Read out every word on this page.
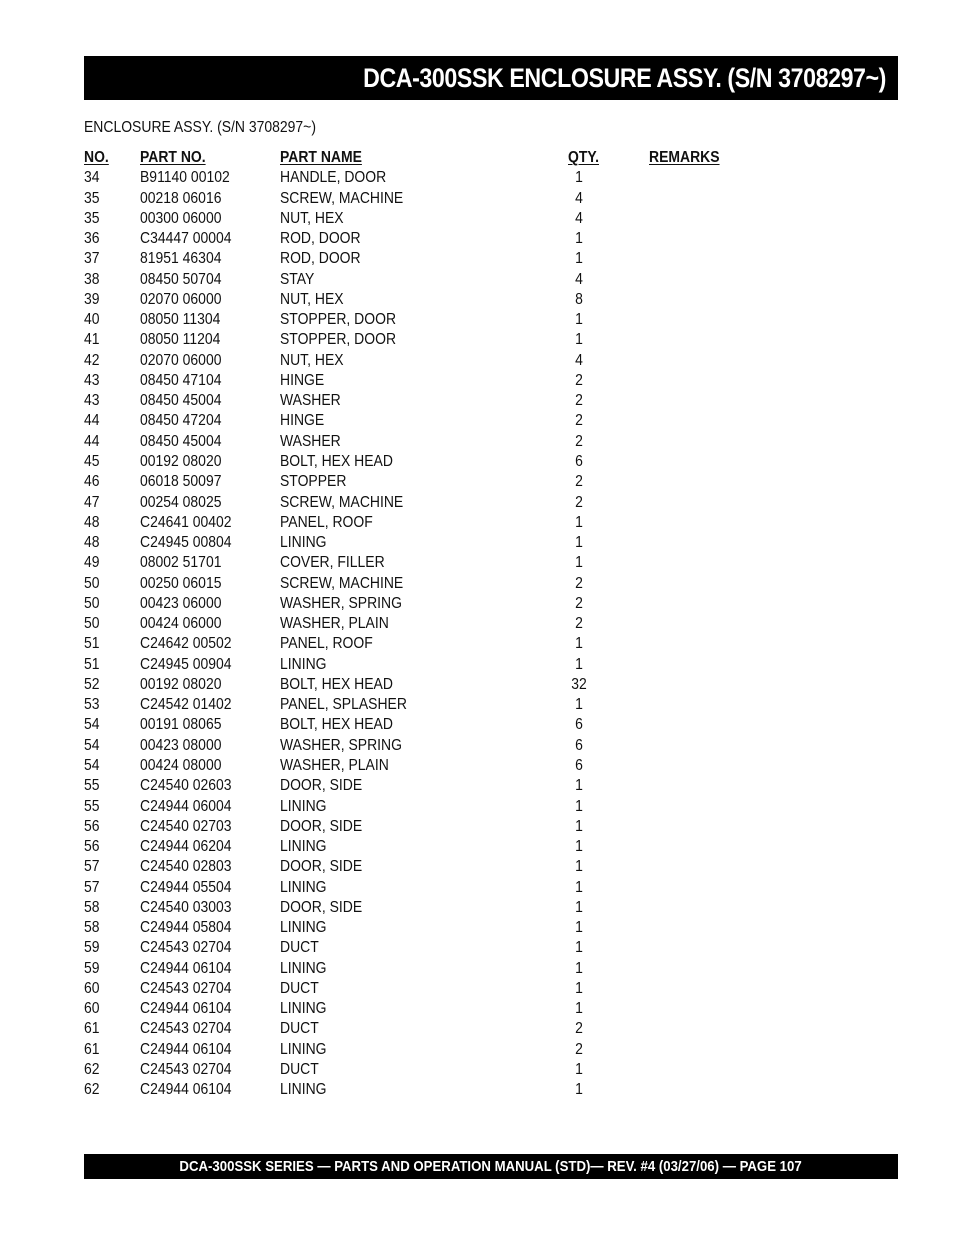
DCA-300SSK ENCLOSURE ASSY. (S/N 3708297~)
ENCLOSURE ASSY. (S/N 3708297~)
NO. PART NO.	PART NAME	QTY.	REMARKS
34	B91140 00102	HANDLE, DOOR	1
35	00218 06016	SCREW, MACHINE	4
35	00300 06000	NUT, HEX	4
36	C34447 00004	ROD, DOOR	1
37	81951 46304	ROD, DOOR	1
38	08450 50704	STAY	4
39	02070 06000	NUT, HEX	8
40	08050 11304	STOPPER, DOOR	1
41	08050 11204	STOPPER, DOOR	1
42	02070 06000	NUT, HEX	4
43	08450 47104	HINGE	2
43	08450 45004	WASHER	2
44	08450 47204	HINGE	2
44	08450 45004	WASHER	2
45	00192 08020	BOLT, HEX HEAD	6
46	06018 50097	STOPPER	2
47	00254 08025	SCREW, MACHINE	2
48	C24641 00402	PANEL, ROOF	1
48	C24945 00804	LINING	1
49	08002 51701	COVER, FILLER	1
50	00250 06015	SCREW, MACHINE	2
50	00423 06000	WASHER, SPRING	2
50	00424 06000	WASHER, PLAIN	2
51	C24642 00502	PANEL, ROOF	1
51	C24945 00904	LINING	1
52	00192 08020	BOLT, HEX HEAD	32
53	C24542 01402	PANEL, SPLASHER	1
54	00191 08065	BOLT, HEX HEAD	6
54	00423 08000	WASHER, SPRING	6
54	00424 08000	WASHER, PLAIN	6
55	C24540 02603	DOOR, SIDE	1
55	C24944 06004	LINING	1
56	C24540 02703	DOOR, SIDE	1
56	C24944 06204	LINING	1
57	C24540 02803	DOOR, SIDE	1
57	C24944 05504	LINING	1
58	C24540 03003	DOOR, SIDE	1
58	C24944 05804	LINING	1
59	C24543 02704	DUCT	1
59	C24944 06104	LINING	1
60	C24543 02704	DUCT	1
60	C24944 06104	LINING	1
61	C24543 02704	DUCT	2
61	C24944 06104	LINING	2
62	C24543 02704	DUCT	1
62	C24944 06104	LINING	1
DCA-300SSK SERIES — PARTS AND OPERATION MANUAL (STD)— REV. #4 (03/27/06) — PAGE 107
